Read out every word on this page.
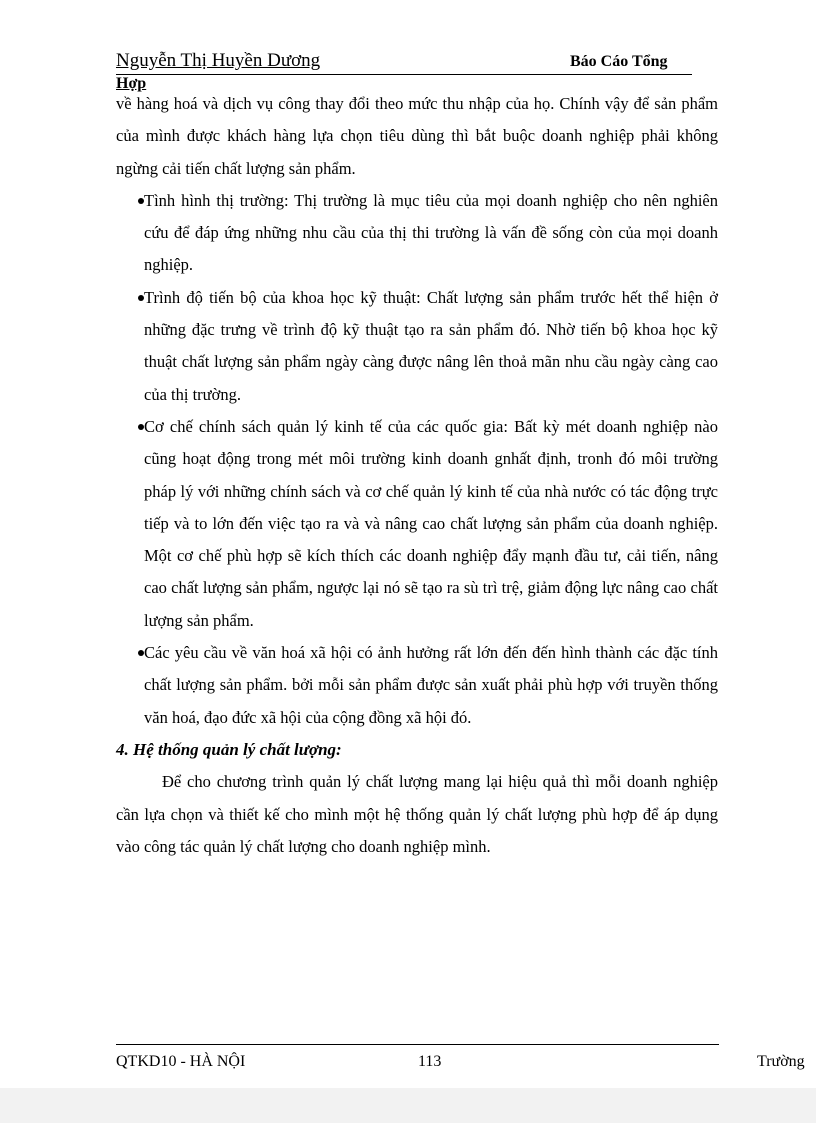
Nguyễn Thị Huyền Dương	Báo Cáo Tổng
Hợp

về hàng hoá và dịch vụ công thay đổi theo mức thu nhập của họ. Chính vậy để sản phẩm của mình được khách hàng lựa chọn tiêu dùng thì bắt buộc doanh nghiệp phải không ngừng cải tiến chất lượng sản phẩm.

Tình hình thị trường: Thị trường là mục tiêu của mọi doanh nghiệp cho nên nghiên cứu để đáp ứng những nhu cầu của thị thi trường là vấn đề sống còn của mọi doanh nghiệp.
Trình độ tiến bộ của khoa học kỹ thuật: Chất lượng sản phẩm trước hết thể hiện ở những đặc trưng về trình độ kỹ thuật tạo ra sản phẩm đó. Nhờ tiến bộ khoa học kỹ thuật chất lượng sản phẩm ngày càng được nâng lên thoả mãn nhu cầu ngày càng cao của thị trường.
Cơ chế chính sách quản lý kinh tế của các quốc gia: Bất kỳ mét doanh nghiệp nào cũng hoạt động trong mét môi trường kinh doanh gnhất định, tronh đó môi trường pháp lý với những chính sách và cơ chế quản lý kinh tế của nhà nước có tác động trực tiếp và to lớn đến việc tạo ra và và nâng cao chất lượng sản phẩm của doanh nghiệp. Một cơ chế phù hợp sẽ kích thích các doanh nghiệp đẩy mạnh đầu tư, cải tiến, nâng cao chất lượng sản phẩm, ngược lại nó sẽ tạo ra sù trì trệ, giảm động lực nâng cao chất lượng sản phẩm.
Các yêu cầu về văn hoá xã hội có ảnh hưởng rất lớn đến đến hình thành các đặc tính chất lượng sản phẩm. bởi mỗi sản phẩm được sản xuất phải phù hợp với truyền thống văn hoá, đạo đức xã hội của cộng đồng xã hội đó.

4. Hệ thống quản lý chất lượng:

Để cho chương trình quản lý chất lượng mang lại hiệu quả thì mỗi doanh nghiệp cần lựa chọn và thiết kế cho mình một hệ thống quản lý chất lượng phù hợp để áp dụng vào công tác quản lý chất lượng cho doanh nghiệp mình.

QTKD10 - HÀ NỘI	113	Trường
